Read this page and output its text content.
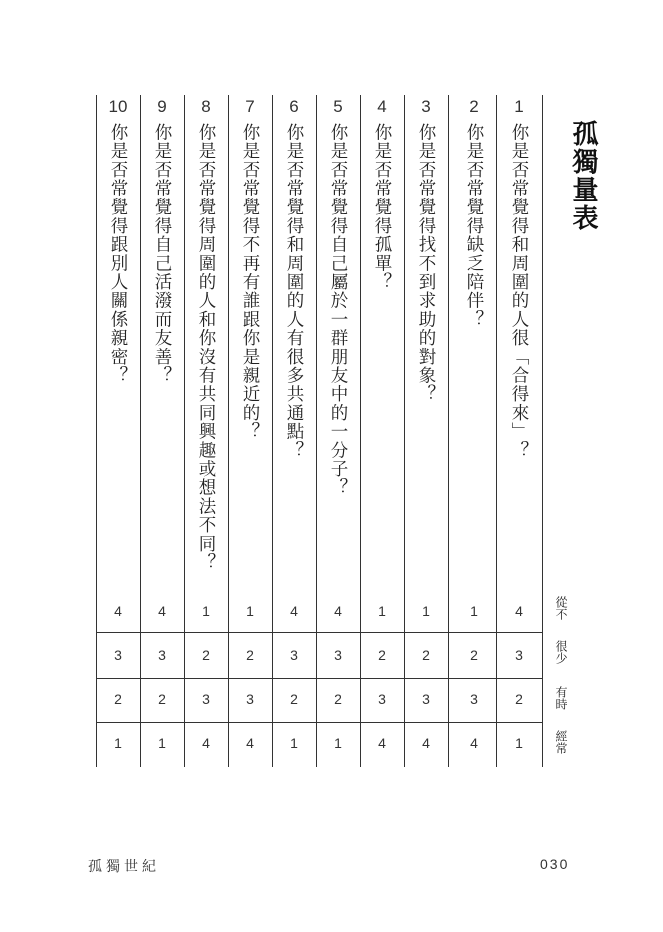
孤獨量表
從不
很少
有時
經常
1
你是否常覺得和周圍的人很「合得來」？
4
3
2
1
2
你是否常覺得缺乏陪伴？
1
2
3
4
3
你是否常覺得找不到求助的對象？
1
2
3
4
4
你是否常覺得孤單？
1
2
3
4
5
你是否常覺得自己屬於一群朋友中的一分子？
4
3
2
1
6
你是否常覺得和周圍的人有很多共通點？
4
3
2
1
7
你是否常覺得不再有誰跟你是親近的？
1
2
3
4
8
你是否常覺得周圍的人和你沒有共同興趣或想法不同？
1
2
3
4
9
你是否常覺得自己活潑而友善？
4
3
2
1
10
你是否常覺得跟別人關係親密？
4
3
2
1
孤獨世紀	030
